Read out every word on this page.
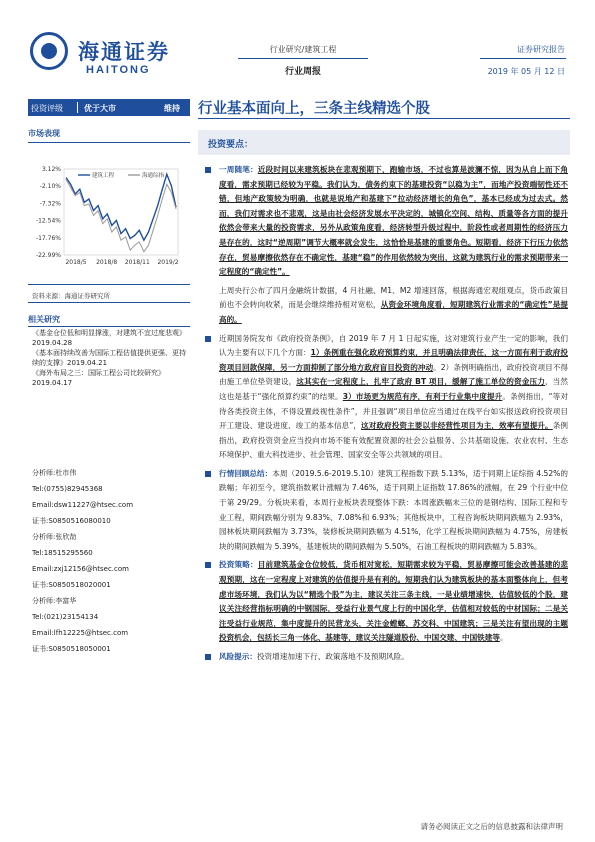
海通证券
HAITONG
行业研究/建筑工程
行业周报
证券研究报告
2019 年 05 月 12 日
投资评级	优于大市	维持 行业基本面向上，三条主线精选个股
市场表现
3.12%
-2.10%
-7.32%
-12.54%
-17.76%
-22.99%
2018/5 2018/8 2018/11 2019/2
建筑工程	海通综指
资料来源：海通证券研究所
相关研究
《基金仓位低和明显撑涨，对建筑不宜过度悲观》2019.04.28
《基本面持续改善为国际工程估值提供更强、更持续的支撑》2019.04.21
《海外布局之三：国际工程公司比较研究》2019.04.17
分析师:杜市伟
Tel:(0755)82945368
Email:dsw11227@htsec.com
证书:S0850516080010
分析师:张欣劼
Tel:18515295560
Email:zxj12156@htsec.com
证书:S0850518020001
分析师:李富华
Tel:(021)23154134
Email:lfh12225@htsec.com
证书:S0850518050001
投资要点：
一周随笔：近段时间以来建筑板块在悲观预期下，跑输市场，不过也算是波澜不惊，因为从自上而下角度看，需求预期已经较为平稳。我们认为，债务约束下的基建投资“以稳为主”，而地产投资端韧性还不错，但地产政策较为明确，也就是说地产和基建下“拉动经济增长的角色”，基本已经成为过去式。然而，我们对需求也不悲观，这是由社会经济发展水平决定的，城镇化空间、结构、质量等各方面的提升依然会带来大量的投资需求，另外从政策角度看，经济转型升级过程中，阶段性或者周期性的经济压力是存在的，这时“逆周期”调节大概率就会发生，这恰恰是基建的重要角色。短期看，经济下行压力依然存在，贸易摩擦依然存在不确定性，基建“稳”的作用依然较为突出，这就为建筑行业的需求预期带来一定程度的“确定性”。
上周央行公布了四月金融统计数据，4 月社融、M1、M2 增速回落，根据海通宏观组观点，货币政策目前也不会转向收紧，而是会继续维持相对宽松，从资金环境角度看，短期建筑行业需求的“确定性”是提高的。
近期国务院发布《政府投资条例》，自 2019 年 7 月 1 日起实施，这对建筑行业产生一定的影响，我们认为主要有以下几个方面：1）条例重在强化政府预算约束，并且明确法律责任，这一方面有利于政府投资项目回款保障，另一方面抑制了部分地方政府盲目投资的冲动。2）条例明确指出，政府投资项目不得由施工单位垫资建设，这其实在一定程度上，扎牢了政府 BT 项目，缓解了施工单位的资金压力，当然这也是基于“强化预算约束”的结果。3）市场更为规范有序，有利于行业集中度提升。条例指出，“等对待各类投资主体，不得设置歧视性条件”，并且强调“项目单位应当通过在线平台如实报送政府投资项目开工建设、建设进度、竣工的基本信息”，这对政府投资主要以非经营性项目为主，效率有望提升。条例指出，政府投资资金应当投向市场不能有效配置资源的社会公益服务、公共基础设施、农业农村、生态环境保护、重大科技进步、社会管理、国家安全等公共领域的项目。
行情回顾总结：本周（2019.5.6-2019.5.10）建筑工程指数下跌 5.13%，适于同期上证综指 4.52%的跌幅；年初至今，建筑指数累计涨幅为 7.46%，适于同期上证指数 17.86%的涨幅，在 29 个行业中位于第 29/29。分板块来看，本周行业板块表现整体下跌：本周涨跌幅末三位的是钢结构、国际工程和专业工程，期间跌幅分别为 9.83%、7.08%和 6.93%；其他板块中，工程咨询板块期间跌幅为 2.93%，园林板块期间跌幅为 3.73%，装修板块期间跌幅为 4.51%，化学工程板块期间跌幅为 4.75%，房建板块的期间跌幅为 5.39%，基建板块的期间跌幅为 5.50%，石油工程板块的期间跌幅为 5.83%。
投资策略：目前建筑基金仓位较低，货币相对宽松，短期需求较为平稳，贸易摩擦可能会改善基建的悲观预期，这在一定程度上对建筑的估值提升是有利的。短期我们认为建筑板块的基本面整体向上，但考虑市场环境，我们认为以“精选个股”为主，建议关注三条主线，一是业绩增速快，估值较低的个股，建议关注经营指标明确的中钢国际，受益行业景气度上行的中国化学，估值相对较低的中材国际；二是关注受益行业规范，集中度提升的民营龙头，关注金螳螂、苏交科、中国建筑；三是关注有望出现的主题投资机会，包括长三角一体化、基建等，建议关注隧道股份、中国交建、中国铁建等。
风险提示：投资增速加速下行、政策落地不及预期风险。
请务必阅读正文之后的信息披露和法律声明
